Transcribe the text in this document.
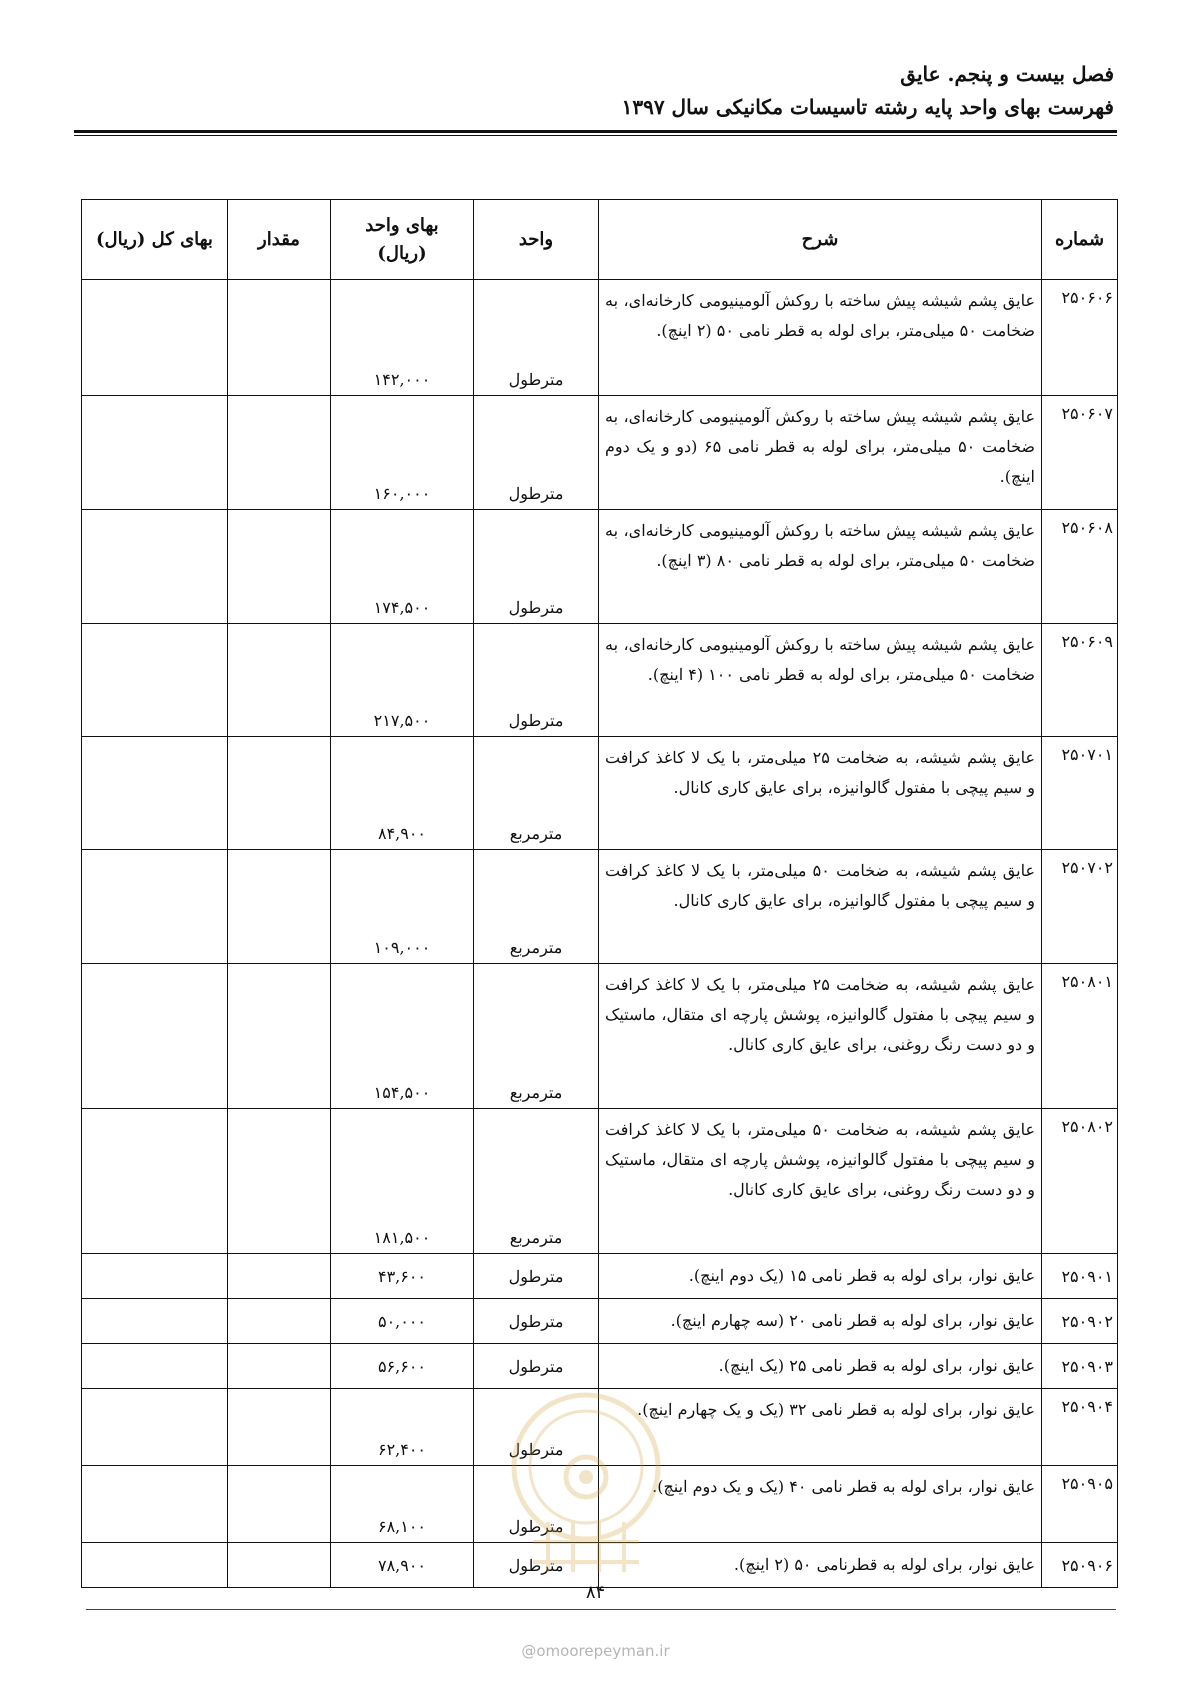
فصل بیست و پنجم. عایق
فهرست بهای واحد پایه رشته تاسیسات مکانیکی سال ۱۳۹۷
شماره	شرح	واحد	بهای واحد (ریال)	مقدار	بهای کل (ریال)
۲۵۰۶۰۶	عایق پشم شیشه پیش ساخته با روکش آلومینیومی کارخانه‌ای، به ضخامت ۵۰ میلی‌متر، برای لوله به قطر نامی ۵۰ (۲ اینچ).	مترطول	۱۴۲,۰۰۰		
۲۵۰۶۰۷	عایق پشم شیشه پیش ساخته با روکش آلومینیومی کارخانه‌ای، به ضخامت ۵۰ میلی‌متر، برای لوله به قطر نامی ۶۵ (دو و یک دوم اینچ).	مترطول	۱۶۰,۰۰۰		
۲۵۰۶۰۸	عایق پشم شیشه پیش ساخته با روکش آلومینیومی کارخانه‌ای، به ضخامت ۵۰ میلی‌متر، برای لوله به قطر نامی ۸۰ (۳ اینچ).	مترطول	۱۷۴,۵۰۰		
۲۵۰۶۰۹	عایق پشم شیشه پیش ساخته با روکش آلومینیومی کارخانه‌ای، به ضخامت ۵۰ میلی‌متر، برای لوله به قطر نامی ۱۰۰ (۴ اینچ).	مترطول	۲۱۷,۵۰۰		
۲۵۰۷۰۱	عایق پشم شیشه، به ضخامت ۲۵ میلی‌متر، با یک لا کاغذ کرافت و سیم پیچی با مفتول گالوانیزه، برای عایق کاری کانال.	مترمربع	۸۴,۹۰۰		
۲۵۰۷۰۲	عایق پشم شیشه، به ضخامت ۵۰ میلی‌متر، با یک لا کاغذ کرافت و سیم پیچی با مفتول گالوانیزه، برای عایق کاری کانال.	مترمربع	۱۰۹,۰۰۰		
۲۵۰۸۰۱	عایق پشم شیشه، به ضخامت ۲۵ میلی‌متر، با یک لا کاغذ کرافت و سیم پیچی با مفتول گالوانیزه، پوشش پارچه ای متقال، ماستیک و دو دست رنگ روغنی، برای عایق کاری کانال.	مترمربع	۱۵۴,۵۰۰		
۲۵۰۸۰۲	عایق پشم شیشه، به ضخامت ۵۰ میلی‌متر، با یک لا کاغذ کرافت و سیم پیچی با مفتول گالوانیزه، پوشش پارچه ای متقال، ماستیک و دو دست رنگ روغنی، برای عایق کاری کانال.	مترمربع	۱۸۱,۵۰۰		
۲۵۰۹۰۱	عایق نوار، برای لوله به قطر نامی ۱۵ (یک دوم اینچ).	مترطول	۴۳,۶۰۰		
۲۵۰۹۰۲	عایق نوار، برای لوله به قطر نامی ۲۰ (سه چهارم اینچ).	مترطول	۵۰,۰۰۰		
۲۵۰۹۰۳	عایق نوار، برای لوله به قطر نامی ۲۵ (یک اینچ).	مترطول	۵۶,۶۰۰		
۲۵۰۹۰۴	عایق نوار، برای لوله به قطر نامی ۳۲ (یک و یک چهارم اینچ).	مترطول	۶۲,۴۰۰		
۲۵۰۹۰۵	عایق نوار، برای لوله به قطر نامی ۴۰ (یک و یک دوم اینچ).	مترطول	۶۸,۱۰۰		
۲۵۰۹۰۶	عایق نوار، برای لوله به قطرنامی ۵۰ (۲ اینچ).	مترطول	۷۸,۹۰۰		
۸۴
@omoorepeyman.ir
